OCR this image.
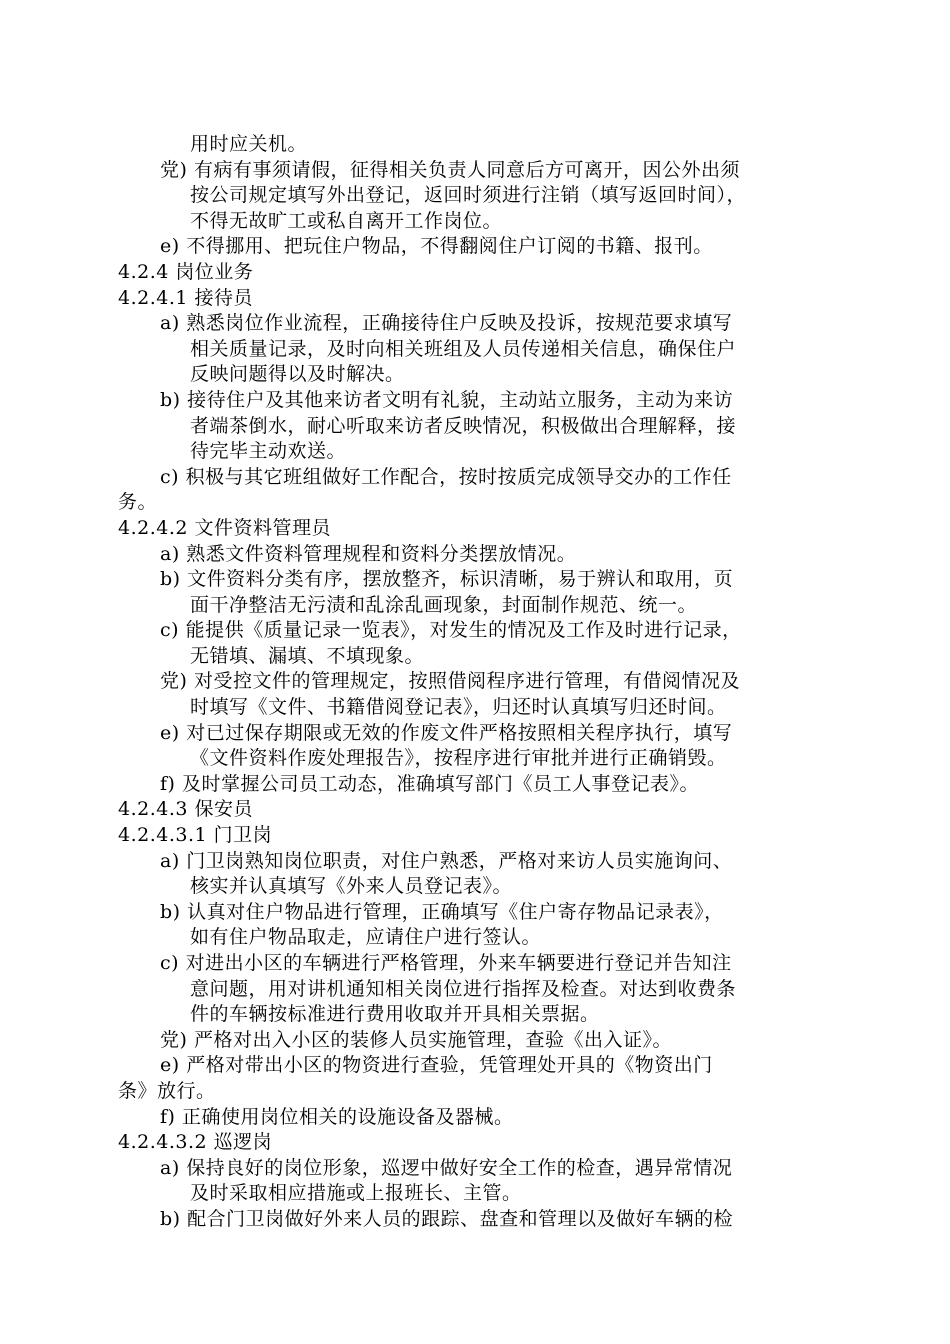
用时应关机。
党) 有病有事须请假，征得相关负责人同意后方可离开，因公外出须
按公司规定填写外出登记，返回时须进行注销（填写返回时间），
不得无故旷工或私自离开工作岗位。
e) 不得挪用、把玩住户物品，不得翻阅住户订阅的书籍、报刊。
4.2.4 岗位业务
4.2.4.1 接待员
a) 熟悉岗位作业流程，正确接待住户反映及投诉，按规范要求填写
相关质量记录，及时向相关班组及人员传递相关信息，确保住户
反映问题得以及时解决。
b) 接待住户及其他来访者文明有礼貌，主动站立服务，主动为来访
者端茶倒水，耐心听取来访者反映情况，积极做出合理解释，接
待完毕主动欢送。
c) 积极与其它班组做好工作配合，按时按质完成领导交办的工作任
务。
4.2.4.2 文件资料管理员
a) 熟悉文件资料管理规程和资料分类摆放情况。
b) 文件资料分类有序，摆放整齐，标识清晰，易于辨认和取用，页
面干净整洁无污渍和乱涂乱画现象，封面制作规范、统一。
c) 能提供《质量记录一览表》，对发生的情况及工作及时进行记录，
无错填、漏填、不填现象。
党) 对受控文件的管理规定，按照借阅程序进行管理，有借阅情况及
时填写《文件、书籍借阅登记表》，归还时认真填写归还时间。
e) 对已过保存期限或无效的作废文件严格按照相关程序执行，填写
《文件资料作废处理报告》，按程序进行审批并进行正确销毁。
f) 及时掌握公司员工动态，准确填写部门《员工人事登记表》。
4.2.4.3 保安员
4.2.4.3.1 门卫岗
a) 门卫岗熟知岗位职责，对住户熟悉，严格对来访人员实施询问、
核实并认真填写《外来人员登记表》。
b) 认真对住户物品进行管理，正确填写《住户寄存物品记录表》，
如有住户物品取走，应请住户进行签认。
c) 对进出小区的车辆进行严格管理，外来车辆要进行登记并告知注
意问题，用对讲机通知相关岗位进行指挥及检查。对达到收费条
件的车辆按标准进行费用收取并开具相关票据。
党) 严格对出入小区的装修人员实施管理，查验《出入证》。
e) 严格对带出小区的物资进行查验，凭管理处开具的《物资出门
条》放行。
f) 正确使用岗位相关的设施设备及器械。
4.2.4.3.2 巡逻岗
a) 保持良好的岗位形象，巡逻中做好安全工作的检查，遇异常情况
及时采取相应措施或上报班长、主管。
b) 配合门卫岗做好外来人员的跟踪、盘查和管理以及做好车辆的检
